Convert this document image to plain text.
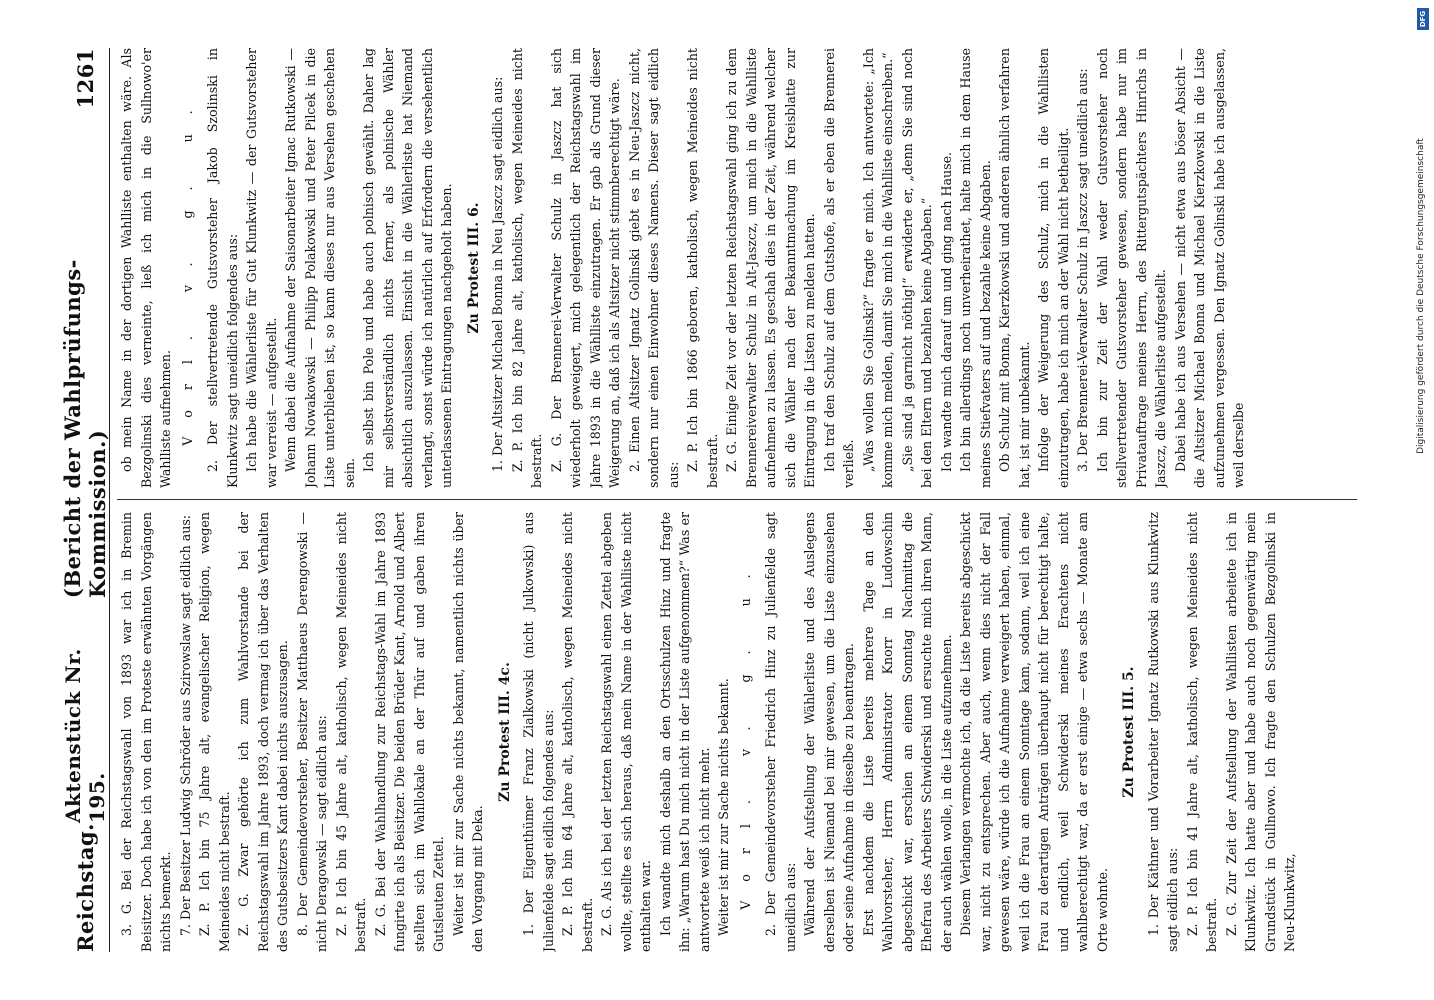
Reichstag.
Aktenstück Nr. 195.
(Bericht der Wahlprüfungs-Kommission.)
1261

3. G. Bei der Reichstagswahl von 1893 war ich in Bremin Beisitzer. Doch habe ich von den im Proteste erwähnten Vorgängen nichts bemerkt. 7. Der Besitzer Ludwig Schröder aus Szirowslaw sagt eidlich aus: Z. P. Ich bin 75 Jahre alt, evangelischer Religion, wegen Meineides nicht bestraft. Z. G. Zwar gehörte ich zum Wahlvorstande bei der Reichstagswahl im Jahre 1893, doch vermag ich über das Verhalten des Gutsbesitzers Kant dabei nichts auszusagen. 8. Der Gemeindevorsteher, Besitzer Matthaeus Derengowski — nicht Deragowski — sagt eidlich aus: Z. P. Ich bin 45 Jahre alt, katholisch, wegen Meineides nicht bestraft. Z. G. Bei der Wahlhandlung zur Reichstags-Wahl im Jahre 1893 fungirte ich als Beisitzer. Die beiden Brüder Kant, Arnold und Albert stellten sich im Wahllokale an der Thür auf und gaben ihren Gutsleuten Zettel. Weiter ist mir zur Sache nichts bekannt, namentlich nichts über den Vorgang mit Deka.

Zu Protest III. 4c. 1. Der Eigenthümer Franz Zialkowski (nicht Julkowski) aus Julienfelde sagt eidlich folgendes aus: Z. P. Ich bin 64 Jahre alt, katholisch, wegen Meineides nicht bestraft. Z. G. Als ich bei der letzten Reichstagswahl einen Zettel abgeben wollte, stellte es sich heraus, daß mein Name in der Wahlliste nicht enthalten war. Ich wandte mich deshalb an den Ortsschulzen Hinz und fragte ihn: „Warum hast Du mich nicht in der Liste aufgenommen?“ Was er antwortete weiß ich nicht mehr. Weiter ist mir zur Sache nichts bekannt. Vorl. v. g. u. 2. Der Gemeindevorsteher Friedrich Hinz zu Julienfelde sagt uneidlich aus: Während der Aufstellung der Wählerliste und des Auslegens derselben ist Niemand bei mir gewesen, um die Liste einzusehen oder seine Aufnahme in dieselbe zu beantragen. Erst nachdem die Liste bereits mehrere Tage an den Wahlvorsteher, Herrn Administrator Knorr in Ludowschin abgeschickt war, erschien an einem Sonntag Nachmittag die Ehefrau des Arbeiters Schwiderski und ersuchte mich ihren Mann, der auch wählen wolle, in die Liste aufzunehmen. Diesem Verlangen vermochte ich, da die Liste bereits abgeschickt war, nicht zu entsprechen. Aber auch, wenn dies nicht der Fall gewesen wäre, würde ich die Aufnahme verweigert haben, einmal, weil ich die Frau an einem Sonntage kam, sodann, weil ich eine Frau zu derartigen Anträgen überhaupt nicht für berechtigt halte, und endlich, weil Schwiderski meines Erachtens nicht wahlberechtigt war, da er erst einige — etwa sechs — Monate am Orte wohnte.

Zu Protest III. 5. 1. Der Käthner und Vorarbeiter Ignatz Rutkowski aus Klunkwitz sagt eidlich aus: Z. P. Ich bin 41 Jahre alt, katholisch, wegen Meineides nicht bestraft. Z. G. Zur Zeit der Aufstellung der Wahllisten arbeitete ich in Klunkwitz. Ich hatte aber und habe auch noch gegenwärtig mein Grundstück in Gullnowo. Ich fragte den Schulzen Bezgolinski in Neu-Klunkwitz,

ob mein Name in der dortigen Wahlliste enthalten wäre. Als Bezgolinski dies verneinte, ließ ich mich in die Sullnowo'er Wahlliste aufnehmen. Vorl. v. g. u. 2. Der stellvertretende Gutsvorsteher Jakob Szolinski in Klunkwitz sagt uneidlich folgendes aus: Ich habe die Wählerliste für Gut Klunkwitz — der Gutsvorsteher war verreist — aufgestellt. Wenn dabei die Aufnahme der Saisonarbeiter Ignac Rutkowski — Johann Nowakowski — Philipp Polakowski und Peter Pilcek in die Liste unterblieben ist, so kann dieses nur aus Versehen geschehen sein.

Ich selbst bin Pole und habe auch polnisch gewählt. Daher lag mir selbstverständlich nichts ferner, als polnische Wähler absichtlich auszulassen. Einsicht in die Wählerliste hat Niemand verlangt, sonst würde ich natürlich auf Erfordern die versehentlich unterlassenen Eintragungen nachgeholt haben. Zu Protest III. 6. 1. Der Altsitzer Michael Bonna in Neu Jaszcz sagt eidlich aus: Z. P. Ich bin 82 Jahre alt, katholisch, wegen Meineides nicht bestraft. Z. G. Der Brennerei-Verwalter Schulz in Jaszcz hat sich wiederholt geweigert, mich gelegentlich der Reichstagswahl im Jahre 1893 in die Wählliste einzutragen. Er gab als Grund dieser Weigerung an, daß ich als Altsitzer nicht stimmberechtigt wäre. 2. Einen Altsitzer Ignatz Golinski giebt es in Neu-Jaszcz nicht, sondern nur einen Einwohner dieses Namens. Dieser sagt eidlich aus:

Z. P. Ich bin 1866 geboren, katholisch, wegen Meineides nicht bestraft. Z. G. Einige Zeit vor der letzten Reichstagswahl ging ich zu dem Brennereiverwalter Schulz in Alt-Jaszcz, um mich in die Wahlliste aufnehmen zu lassen. Es geschah dies in der Zeit, während welcher sich die Wähler nach der Bekanntmachung im Kreisblatte zur Eintragung in die Listen zu melden hatten. Ich traf den Schulz auf dem Gutshofe, als er eben die Brennerei verließ. „Was wollen Sie Golinski?“ fragte er mich. Ich antwortete: „Ich komme mich melden, damit Sie mich in die Wahlliste einschreiben.“ „Sie sind ja garnicht nöthig!“ erwiderte er, „denn Sie sind noch bei den Eltern und bezahlen keine Abgaben.“ Ich wandte mich darauf um und ging nach Hause. Ich bin allerdings noch unverheirathet, halte mich in dem Hause meines Stiefvaters auf und bezahle keine Abgaben. Ob Schulz mit Bonna, Kierzkowski und anderen ähnlich verfahren hat, ist mir unbekannt. Infolge der Weigerung des Schulz, mich in die Wahllisten einzutragen, habe ich mich an der Wahl nicht betheiligt. 3. Der Brennerei-Verwalter Schulz in Jaszcz sagt uneidlich aus: Ich bin zur Zeit der Wahl weder Gutsvorsteher noch stellvertretender Gutsvorsteher gewesen, sondern habe nur im Privatauftrage meines Herrn, des Rittergutspächters Hinrichs in Jaszcz, die Wählerliste aufgestellt. Dabei habe ich aus Versehen — nicht etwa aus böser Absicht — die Altsitzer Michael Bonna und Michael Kierzkowski in die Liste aufzunehmen vergessen. Den Ignatz Golinski habe ich ausgelassen, weil derselbe

DFG
Digitalisierung gefördert durch die Deutsche Forschungsgemeinschaft
